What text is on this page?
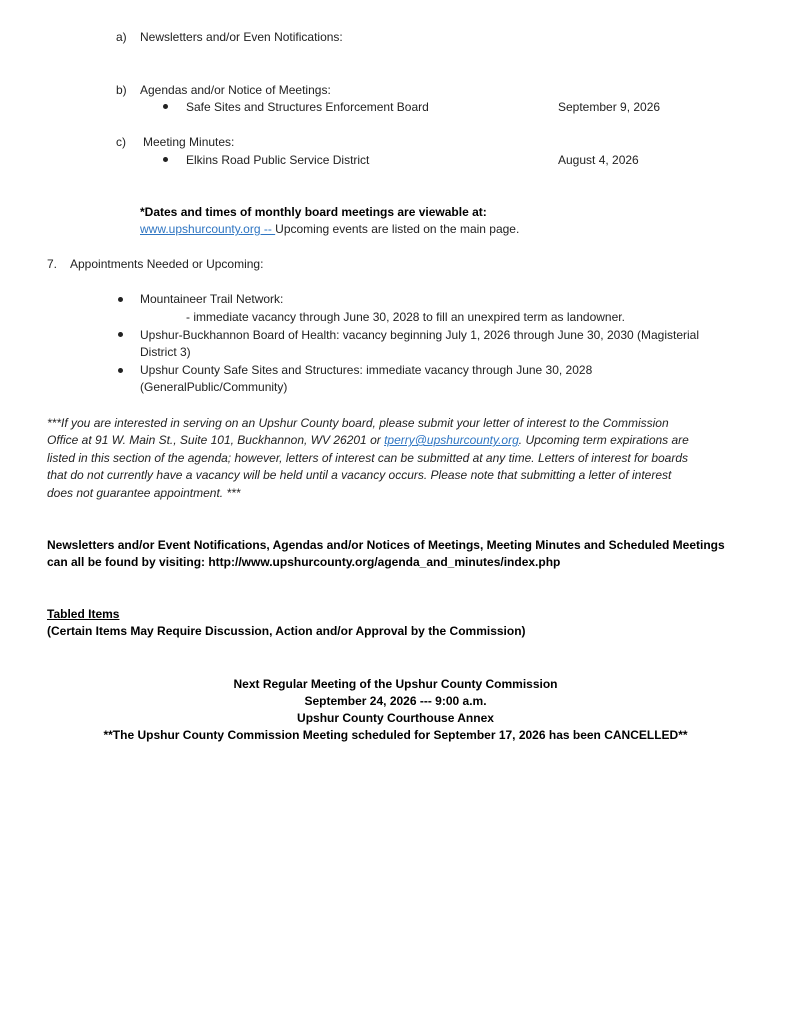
a) Newsletters and/or Even Notifications:
b) Agendas and/or Notice of Meetings:
Safe Sites and Structures Enforcement Board	September 9, 2026
c) Meeting Minutes:
Elkins Road Public Service District	August 4, 2026
*Dates and times of monthly board meetings are viewable at:
www.upshurcounty.org -- Upcoming events are listed on the main page.
7. Appointments Needed or Upcoming:
Mountaineer Trail Network:
- immediate vacancy through June 30, 2028 to fill an unexpired term as landowner.
Upshur-Buckhannon Board of Health: vacancy beginning July 1, 2026 through June 30, 2030 (Magisterial
District 3)
Upshur County Safe Sites and Structures: immediate vacancy through June 30, 2028
(GeneralPublic/Community)
***If you are interested in serving on an Upshur County board, please submit your letter of interest to the Commission
Office at 91 W. Main St., Suite 101, Buckhannon, WV 26201 or tperry@upshurcounty.org. Upcoming term expirations are
listed in this section of the agenda; however, letters of interest can be submitted at any time. Letters of interest for boards
that do not currently have a vacancy will be held until a vacancy occurs. Please note that submitting a letter of interest
does not guarantee appointment. ***
Newsletters and/or Event Notifications, Agendas and/or Notices of Meetings, Meeting Minutes and Scheduled Meetings
can all be found by visiting: http://www.upshurcounty.org/agenda_and_minutes/index.php
Tabled Items
(Certain Items May Require Discussion, Action and/or Approval by the Commission)
Next Regular Meeting of the Upshur County Commission
September 24, 2026 --- 9:00 a.m.
Upshur County Courthouse Annex
**The Upshur County Commission Meeting scheduled for September 17, 2026 has been CANCELLED**
